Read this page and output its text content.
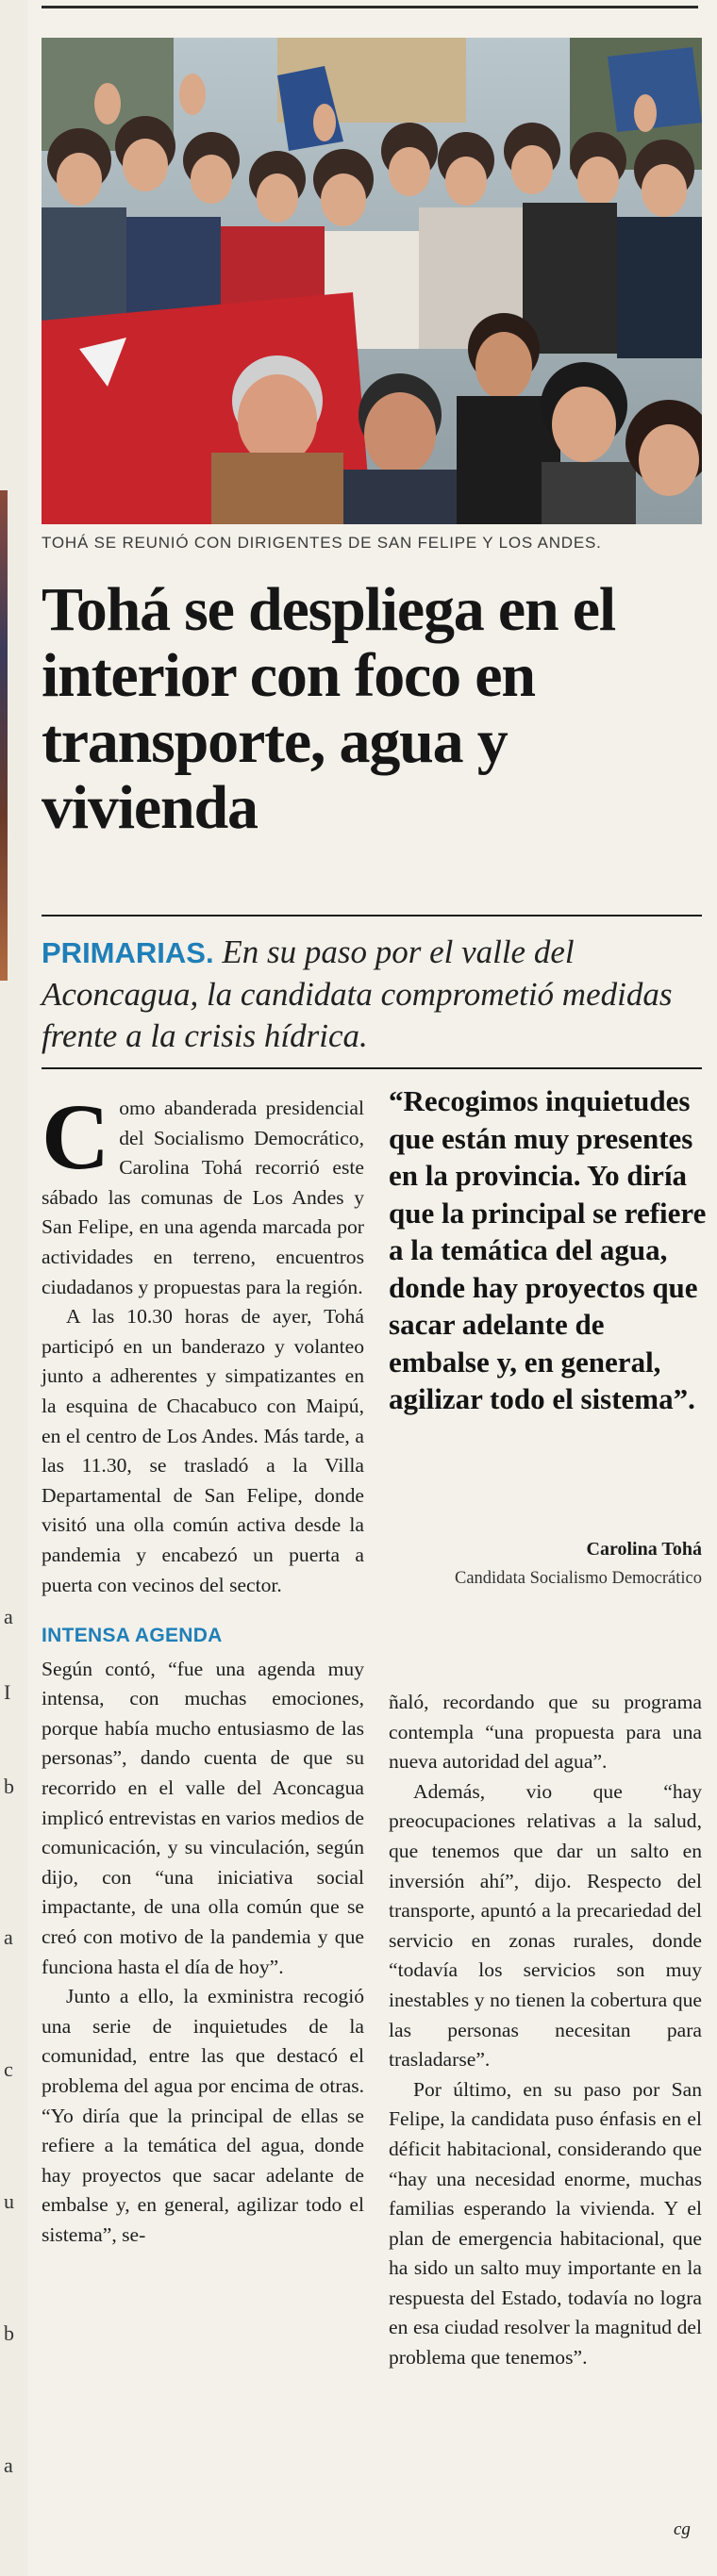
a
I
b
a
c
u
b
a
TOHÁ SE REUNIÓ CON DIRIGENTES DE SAN FELIPE Y LOS ANDES.
Tohá se despliega en el interior con foco en transporte, agua y vivienda
PRIMARIAS. En su paso por el valle del Aconcagua, la candidata comprometió medidas frente a la crisis hídrica.

C omo abanderada presidencial del Socialismo Democrático, Carolina Tohá recorrió este sábado las comunas de Los Andes y San Felipe, en una agenda marcada por actividades en terreno, encuentros ciudadanos y propuestas para la región.

A las 10.30 horas de ayer, Tohá participó en un banderazo y volanteo junto a adherentes y simpatizantes en la esquina de Chacabuco con Maipú, en el centro de Los Andes. Más tarde, a las 11.30, se trasladó a la Villa Departamental de San Felipe, donde visitó una olla común activa desde la pandemia y encabezó un puerta a puerta con vecinos del sector.

INTENSA AGENDA

Según contó, “fue una agenda muy intensa, con muchas emociones, porque había mucho entusiasmo de las personas”, dando cuenta de que su recorrido en el valle del Aconcagua implicó entrevistas en varios medios de comunicación, y su vinculación, según dijo, con “una iniciativa social impactante, de una olla común que se creó con motivo de la pandemia y que funciona hasta el día de hoy”.

Junto a ello, la exministra recogió una serie de inquietudes de la comunidad, entre las que destacó el problema del agua por encima de otras. “Yo diría que la principal de ellas se refiere a la temática del agua, donde hay proyectos que sacar adelante de embalse y, en general, agilizar todo el sistema”, se-

“Recogimos inquietudes que están muy presentes en la provincia. Yo diría que la principal se refiere a la temática del agua, donde hay proyectos que sacar adelante de embalse y, en general, agilizar todo el sistema”.
Carolina Tohá
Candidata Socialismo Democrático

ñaló, recordando que su programa contempla “una propuesta para una nueva autoridad del agua”.

Además, vio que “hay preocupaciones relativas a la salud, que tenemos que dar un salto en inversión ahí”, dijo. Respecto del transporte, apuntó a la precariedad del servicio en zonas rurales, donde “todavía los servicios son muy inestables y no tienen la cobertura que las personas necesitan para trasladarse”.

Por último, en su paso por San Felipe, la candidata puso énfasis en el déficit habitacional, considerando que “hay una necesidad enorme, muchas familias esperando la vivienda. Y el plan de emergencia habitacional, que ha sido un salto muy importante en la respuesta del Estado, todavía no logra en esa ciudad resolver la magnitud del problema que tenemos”.

cg
